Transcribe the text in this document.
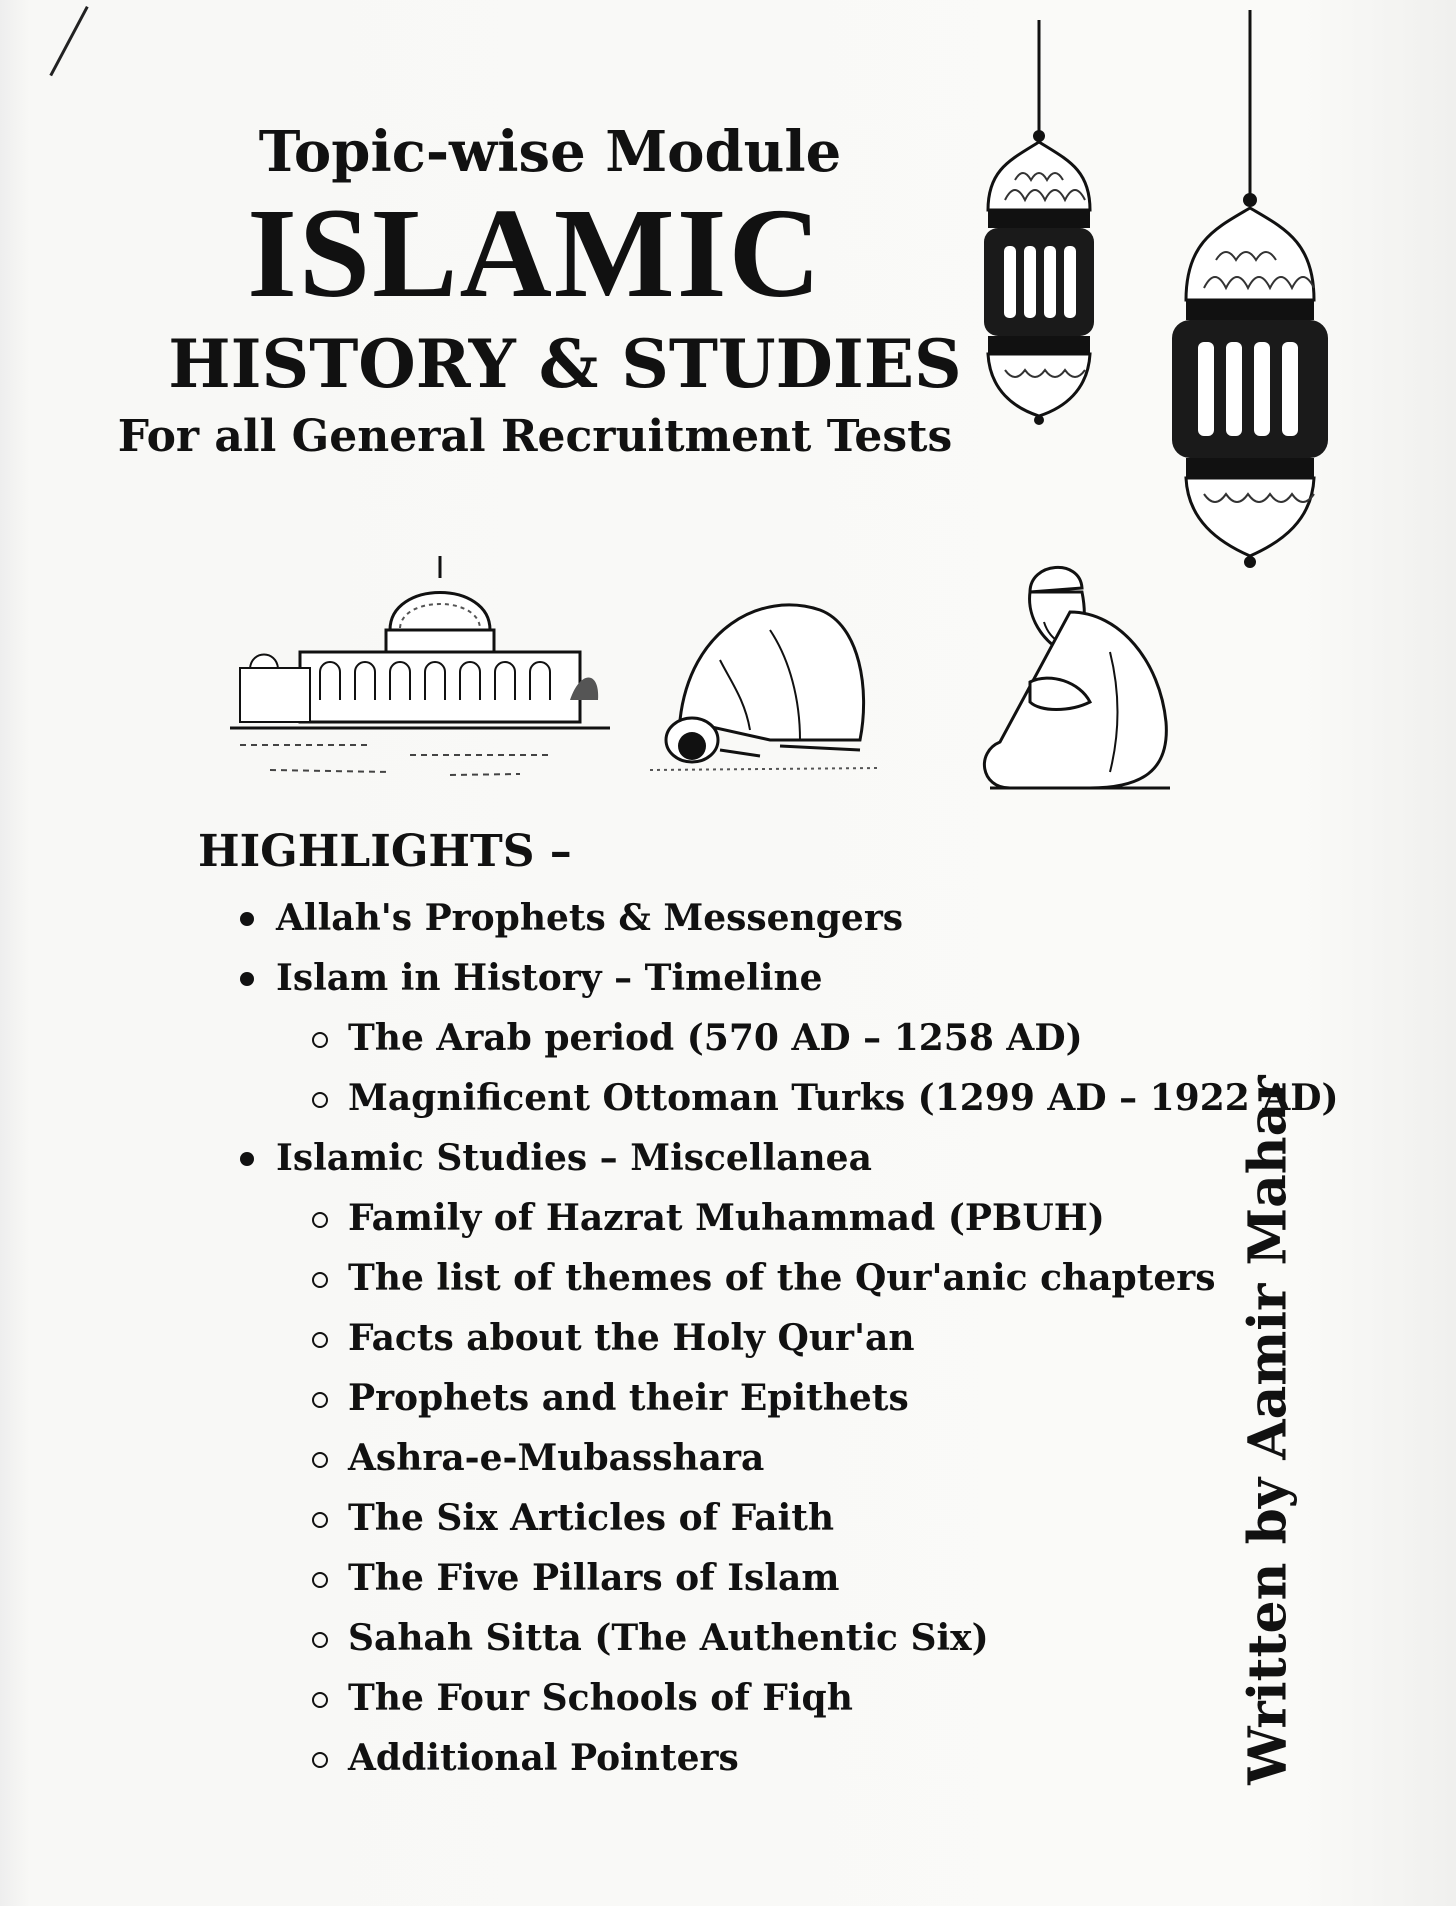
Topic-wise Module
ISLAMIC
HISTORY & STUDIES
For all General Recruitment Tests
HIGHLIGHTS –
Allah's Prophets & Messengers
Islam in History – Timeline
The Arab period (570 AD – 1258 AD)
Magnificent Ottoman Turks (1299 AD – 1922 AD)
Islamic Studies – Miscellanea
Family of Hazrat Muhammad (PBUH)
The list of themes of the Qur'anic chapters
Facts about the Holy Qur'an
Prophets and their Epithets
Ashra-e-Mubasshara
The Six Articles of Faith
The Five Pillars of Islam
Sahah Sitta (The Authentic Six)
The Four Schools of Fiqh
Additional Pointers	Written by Aamir Mahar
